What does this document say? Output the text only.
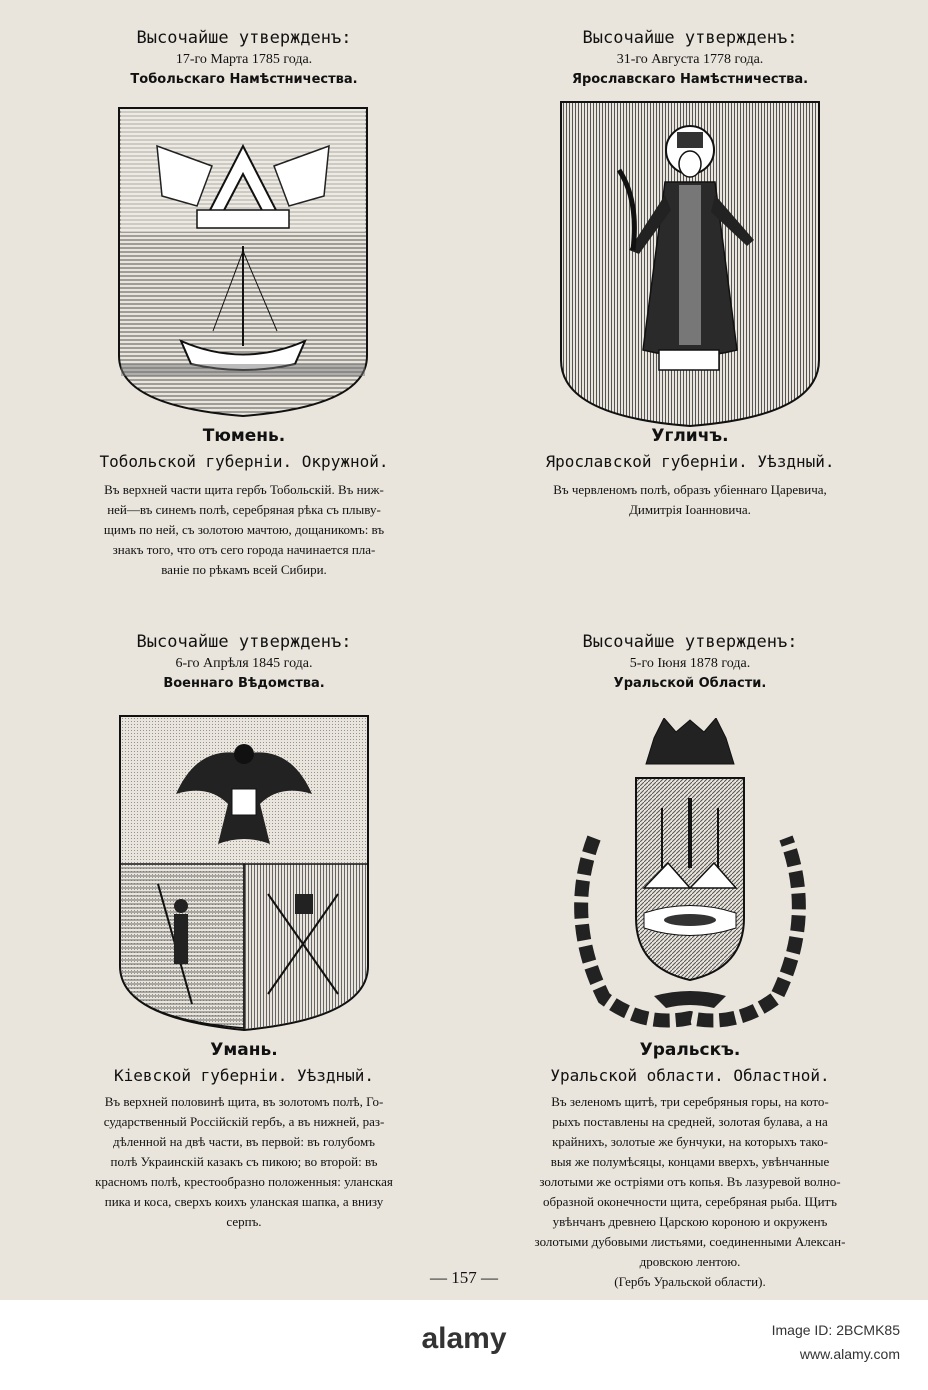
Высочайше утвержденъ:
17-го Марта 1785 года.
Тобольскаго Намѣстничества.
Тюмень.
Тобольской губерніи. Окружной.
Въ верхней части щита гербъ Тобольскій. Въ ниж-
ней—въ синемъ полѣ, серебряная рѣка съ плыву-
щимъ по ней, съ золотою мачтою, дощаникомъ: въ
знакъ того, что отъ сего города начинается пла-
ваніе по рѣкамъ всей Сибири.
Высочайше утвержденъ:
31-го Августа 1778 года.
Ярославскаго Намѣстничества.
Угличъ.
Ярославской губерніи. Уѣздный.
Въ червленомъ полѣ, образъ убіеннаго Царевича,
Димитрія Іоанновича.
Высочайше утвержденъ:
6-го Апрѣля 1845 года.
Военнаго Вѣдомства.
Умань.
Кіевской губерніи. Уѣздный.
Въ верхней половинѣ щита, въ золотомъ полѣ, Го-
сударственный Россійскій гербъ, а въ нижней, раз-
дѣленной на двѣ части, въ первой: въ голубомъ
полѣ Украинскій казакъ съ пикою; во второй: въ
красномъ полѣ, крестообразно положенныя: уланская
пика и коса, сверхъ коихъ уланская шапка, а внизу
серпъ.
Высочайше утвержденъ:
5-го Іюня 1878 года.
Уральской Области.
Уральскъ.
Уральской области. Областной.
Въ зеленомъ щитѣ, три серебряныя горы, на кото-
рыхъ поставлены на средней, золотая булава, а на
крайнихъ, золотые же бунчуки, на которыхъ тако-
выя же полумѣсяцы, концами вверхъ, увѣнчанные
золотыми же остріями отъ копья. Въ лазуревой волно-
образной оконечности щита, серебряная рыба. Щитъ
увѣнчанъ древнею Царскою короною и окруженъ
золотыми дубовыми листьями, соединенными Алексан-
дровскою лентою.
(Гербъ Уральской области).
— 157 —
alamy	Image ID: 2BCMK85
www.alamy.com
